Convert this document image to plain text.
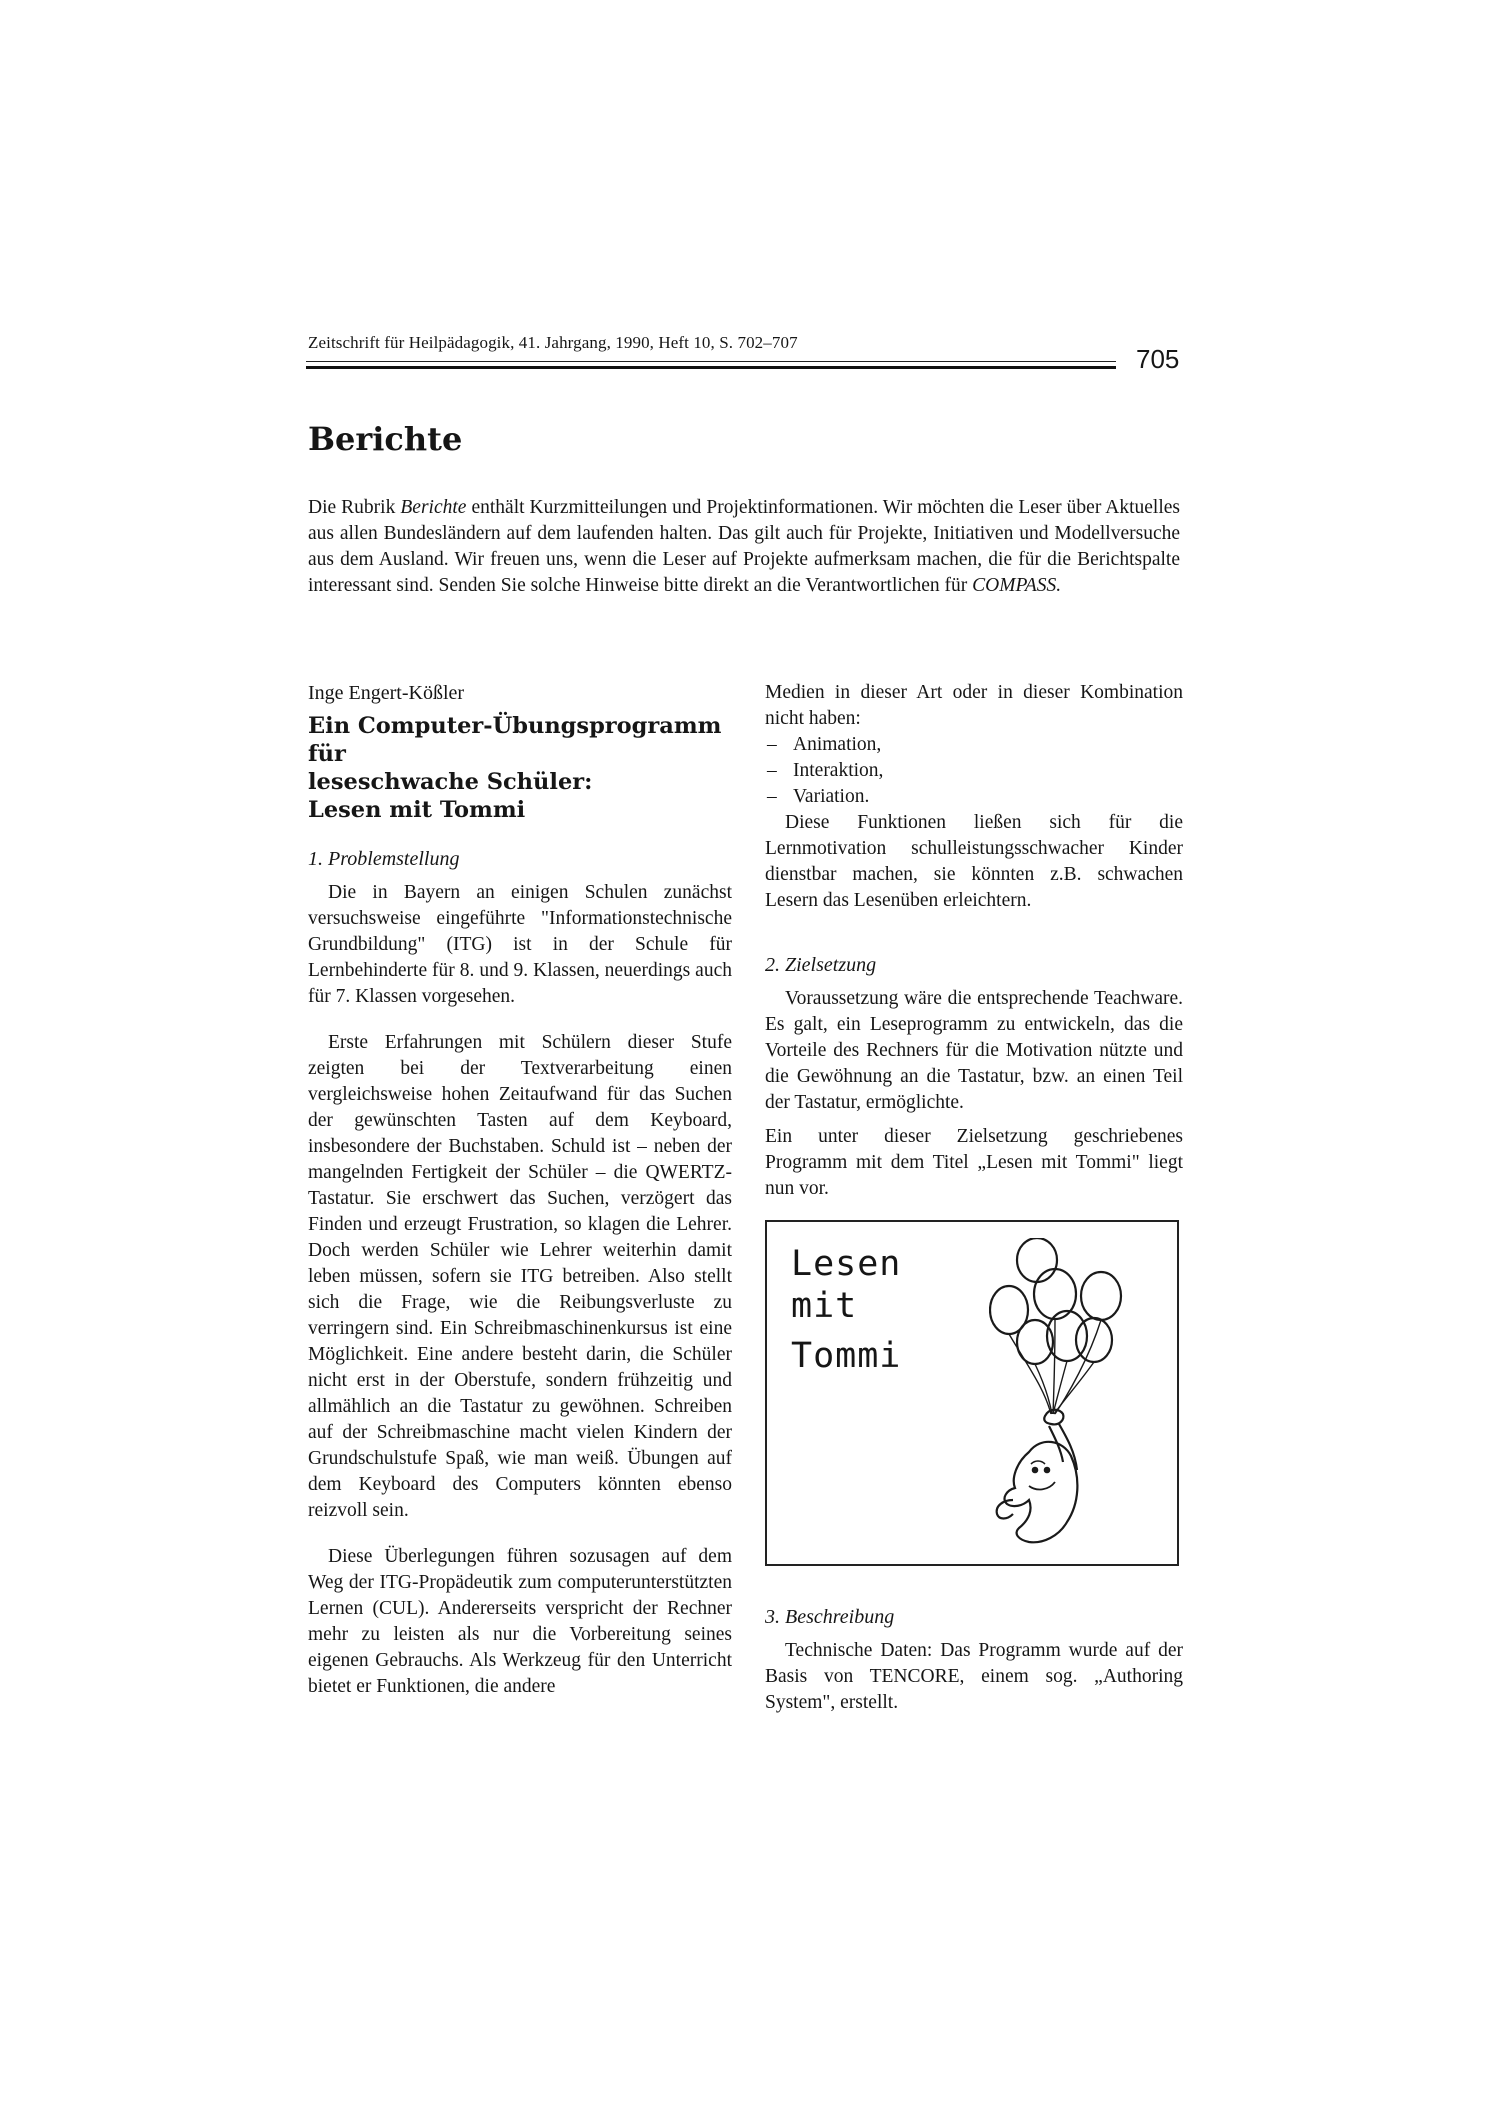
Zeitschrift für Heilpädagogik, 41. Jahrgang, 1990, Heft 10, S. 702–707
705
Berichte

Die Rubrik Berichte enthält Kurzmitteilungen und Projektinformationen. Wir möchten die Leser über Aktuelles aus allen Bundesländern auf dem laufenden halten. Das gilt auch für Projekte, Initiativen und Modellversuche aus dem Ausland. Wir freuen uns, wenn die Leser auf Projekte aufmerksam machen, die für die Berichtspalte interessant sind. Senden Sie solche Hinweise bitte direkt an die Verantwortlichen für COMPASS.

Inge Engert-Kößler
Ein Computer-Übungsprogramm für
leseschwache Schüler:
Lesen mit Tommi
1. Problemstellung

Die in Bayern an einigen Schulen zunächst versuchsweise eingeführte "Informationstechnische Grundbildung" (ITG) ist in der Schule für Lernbehinderte für 8. und 9. Klassen, neuerdings auch für 7. Klassen vorgesehen.

Erste Erfahrungen mit Schülern dieser Stufe zeigten bei der Textverarbeitung einen vergleichsweise hohen Zeitaufwand für das Suchen der gewünschten Tasten auf dem Keyboard, insbesondere der Buchstaben. Schuld ist – neben der mangelnden Fertigkeit der Schüler – die QWERTZ-Tastatur. Sie erschwert das Suchen, verzögert das Finden und erzeugt Frustration, so klagen die Lehrer. Doch werden Schüler wie Lehrer weiterhin damit leben müssen, sofern sie ITG betreiben. Also stellt sich die Frage, wie die Reibungsverluste zu verringern sind. Ein Schreibmaschinenkursus ist eine Möglichkeit. Eine andere besteht darin, die Schüler nicht erst in der Oberstufe, sondern frühzeitig und allmählich an die Tastatur zu gewöhnen. Schreiben auf der Schreibmaschine macht vielen Kindern der Grundschulstufe Spaß, wie man weiß. Übungen auf dem Keyboard des Computers könnten ebenso reizvoll sein.

Diese Überlegungen führen sozusagen auf dem Weg der ITG-Propädeutik zum computerunterstützten Lernen (CUL). Andererseits verspricht der Rechner mehr zu leisten als nur die Vorbereitung seines eigenen Gebrauchs. Als Werkzeug für den Unterricht bietet er Funktionen, die andere

Medien in dieser Art oder in dieser Kombination nicht haben:

– Animation,
– Interaktion,
– Variation.

Diese Funktionen ließen sich für die Lernmotivation schulleistungsschwacher Kinder dienstbar machen, sie könnten z.B. schwachen Lesern das Lesenüben erleichtern.

2. Zielsetzung

Voraussetzung wäre die entsprechende Teachware. Es galt, ein Leseprogramm zu entwickeln, das die Vorteile des Rechners für die Motivation nützte und die Gewöhnung an die Tastatur, bzw. an einen Teil der Tastatur, ermöglichte.

Ein unter dieser Zielsetzung geschriebenes Programm mit dem Titel „Lesen mit Tommi" liegt nun vor.

Lesen
mit
Tommi
3. Beschreibung

Technische Daten: Das Programm wurde auf der Basis von TENCORE, einem sog. „Authoring System", erstellt.
